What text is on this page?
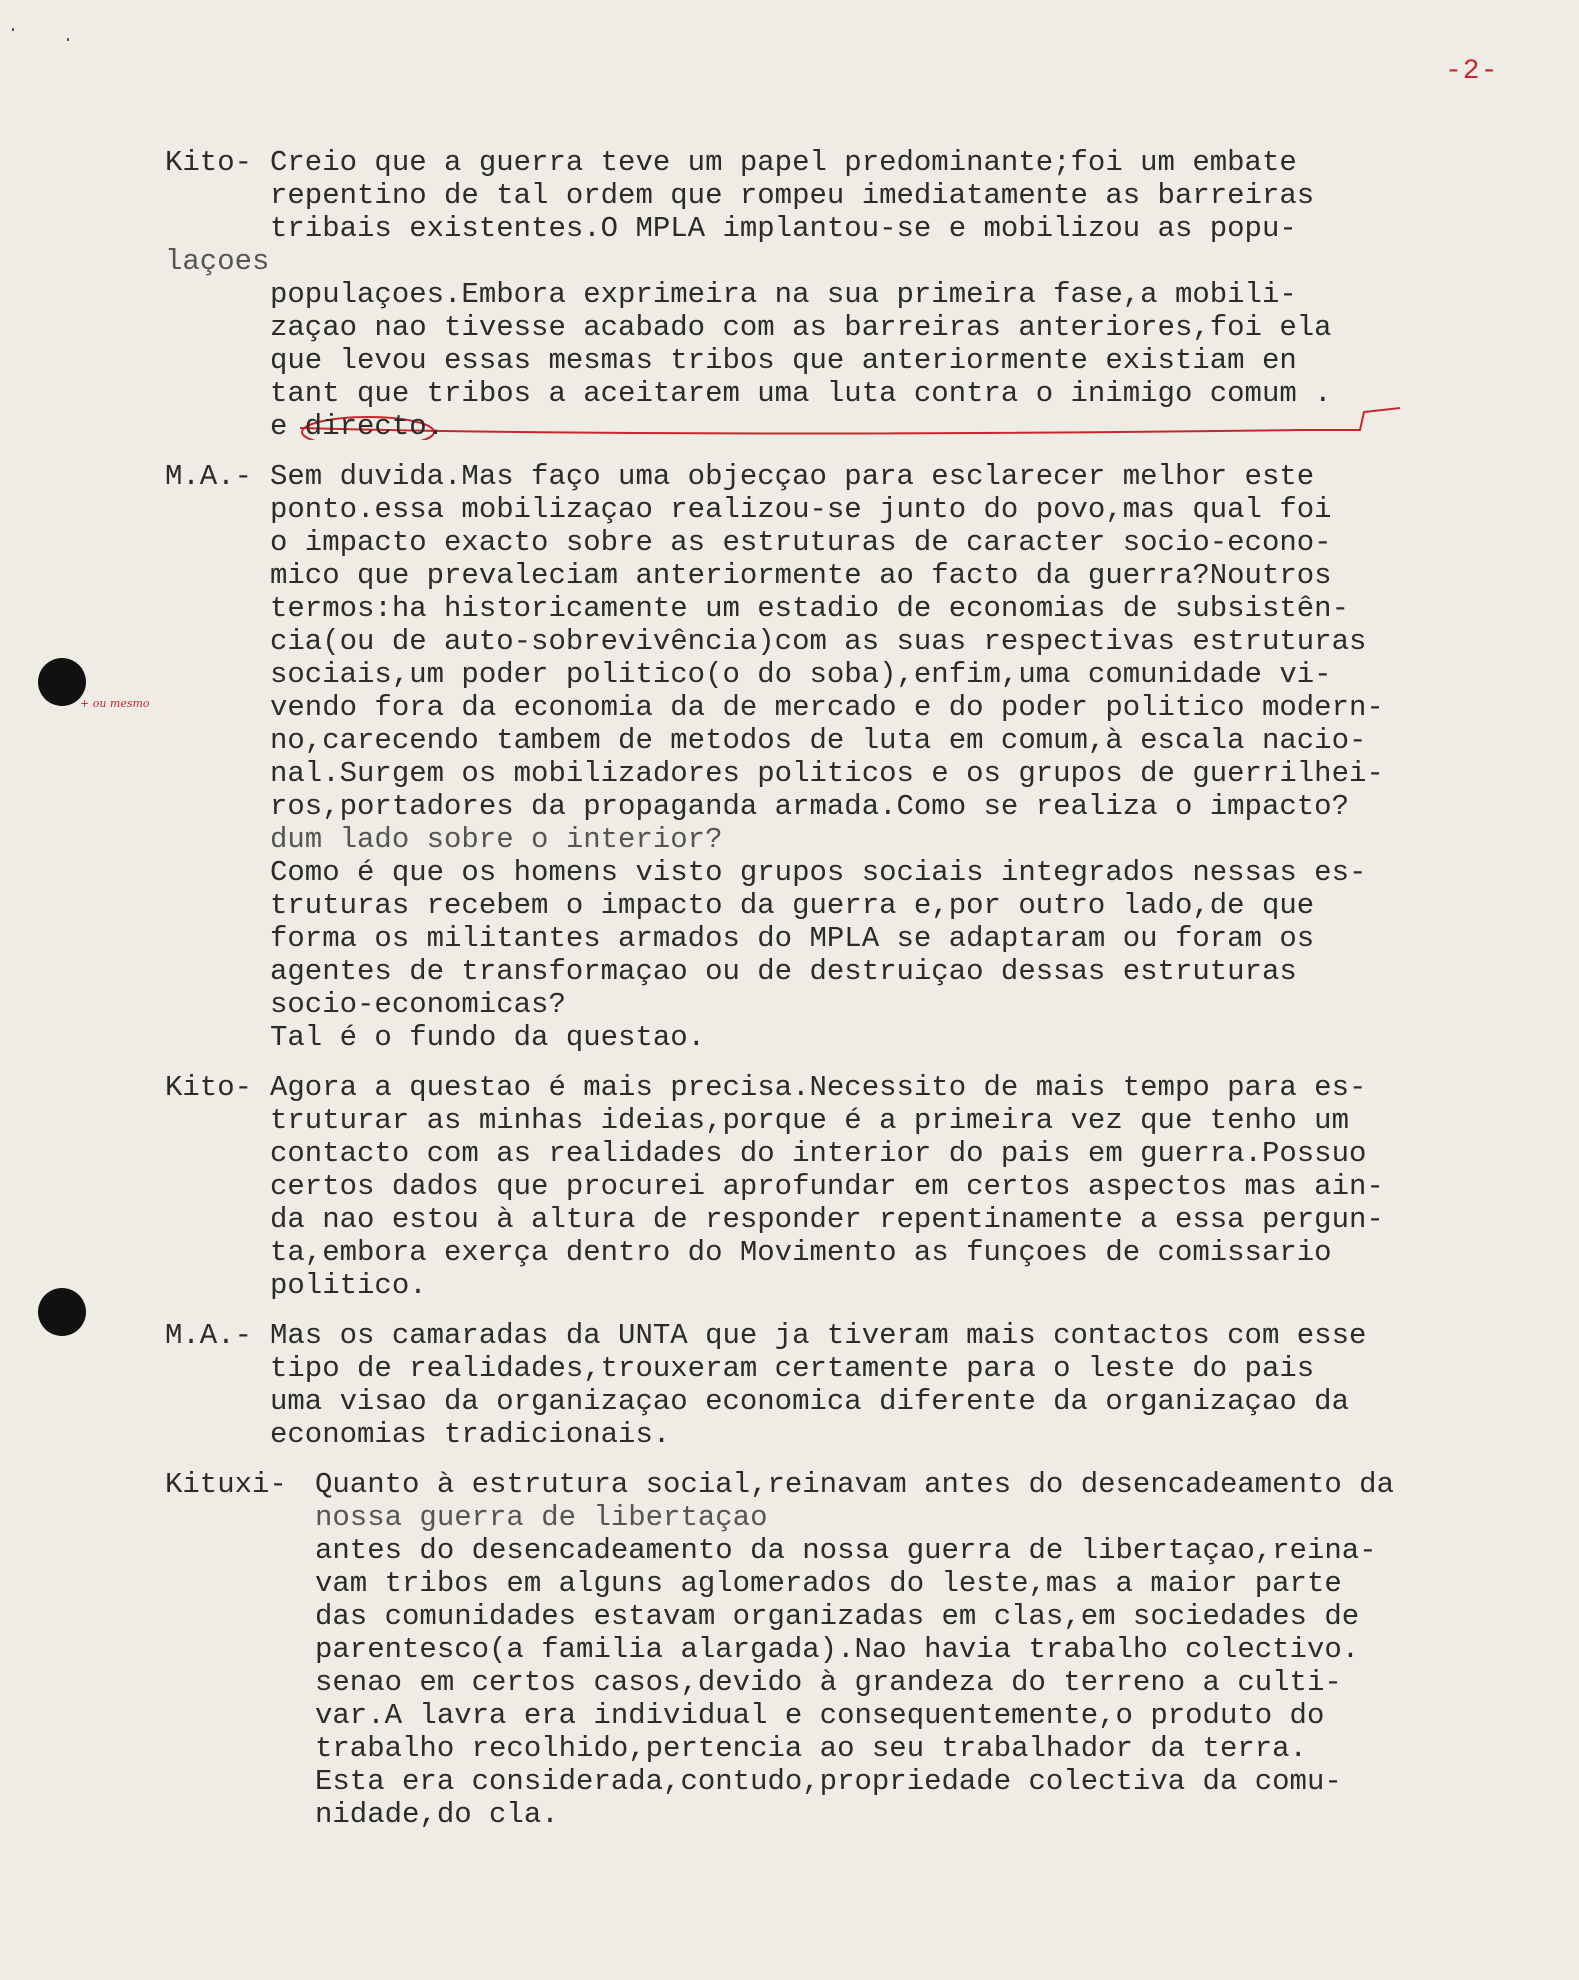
-2-
+ ou mesmo
Kito- Creio que a guerra teve um papel predominante;foi um embate
repentino de tal ordem que rompeu imediatamente as barreiras
tribais existentes.O MPLA implantou-se e mobilizou as popu-
laçoes
populaçoes.Embora exprimeira na sua primeira fase,a mobili-
zaçao nao tivesse acabado com as barreiras anteriores,foi ela
que levou essas mesmas tribos que anteriormente existiam en
tant que tribos a aceitarem uma luta contra o inimigo comum .
e directo.
M.A.- Sem duvida.Mas faço uma objecçao para esclarecer melhor este
ponto.essa mobilizaçao realizou-se junto do povo,mas qual foi
o impacto exacto sobre as estruturas de caracter socio-econo-
mico que prevaleciam anteriormente ao facto da guerra?Noutros
termos:ha historicamente um estadio de economias de subsistên-
cia(ou de auto-sobrevivência)com as suas respectivas estruturas
sociais,um poder politico(o do soba),enfim,uma comunidade vi-
vendo fora da economia da de mercado e do poder politico modern-
no,carecendo tambem de metodos de luta em comum,à escala nacio-
nal.Surgem os mobilizadores politicos e os grupos de guerrilhei-
ros,portadores da propaganda armada.Como se realiza o impacto?
dum lado sobre o interior?
Como é que os homens visto grupos sociais integrados nessas es-
truturas recebem o impacto da guerra e,por outro lado,de que
forma os militantes armados do MPLA se adaptaram ou foram os
agentes de transformaçao ou de destruiçao dessas estruturas
socio-economicas?
Tal é o fundo da questao.
Kito- Agora a questao é mais precisa.Necessito de mais tempo para es-
truturar as minhas ideias,porque é a primeira vez que tenho um
contacto com as realidades do interior do pais em guerra.Possuo
certos dados que procurei aprofundar em certos aspectos mas ain-
da nao estou à altura de responder repentinamente a essa pergun-
ta,embora exerça dentro do Movimento as funçoes de comissario
politico.
M.A.- Mas os camaradas da UNTA que ja tiveram mais contactos com esse
tipo de realidades,trouxeram certamente para o leste do pais
uma visao da organizaçao economica diferente da organizaçao da
economias tradicionais.
Kituxi- Quanto à estrutura social,reinavam antes do desencadeamento da
nossa guerra de libertaçao
antes do desencadeamento da nossa guerra de libertaçao,reina-
vam tribos em alguns aglomerados do leste,mas a maior parte
das comunidades estavam organizadas em clas,em sociedades de
parentesco(a familia alargada).Nao havia trabalho colectivo.
senao em certos casos,devido à grandeza do terreno a culti-
var.A lavra era individual e consequentemente,o produto do
trabalho recolhido,pertencia ao seu trabalhador da terra.
Esta era considerada,contudo,propriedade colectiva da comu-
nidade,do cla.
